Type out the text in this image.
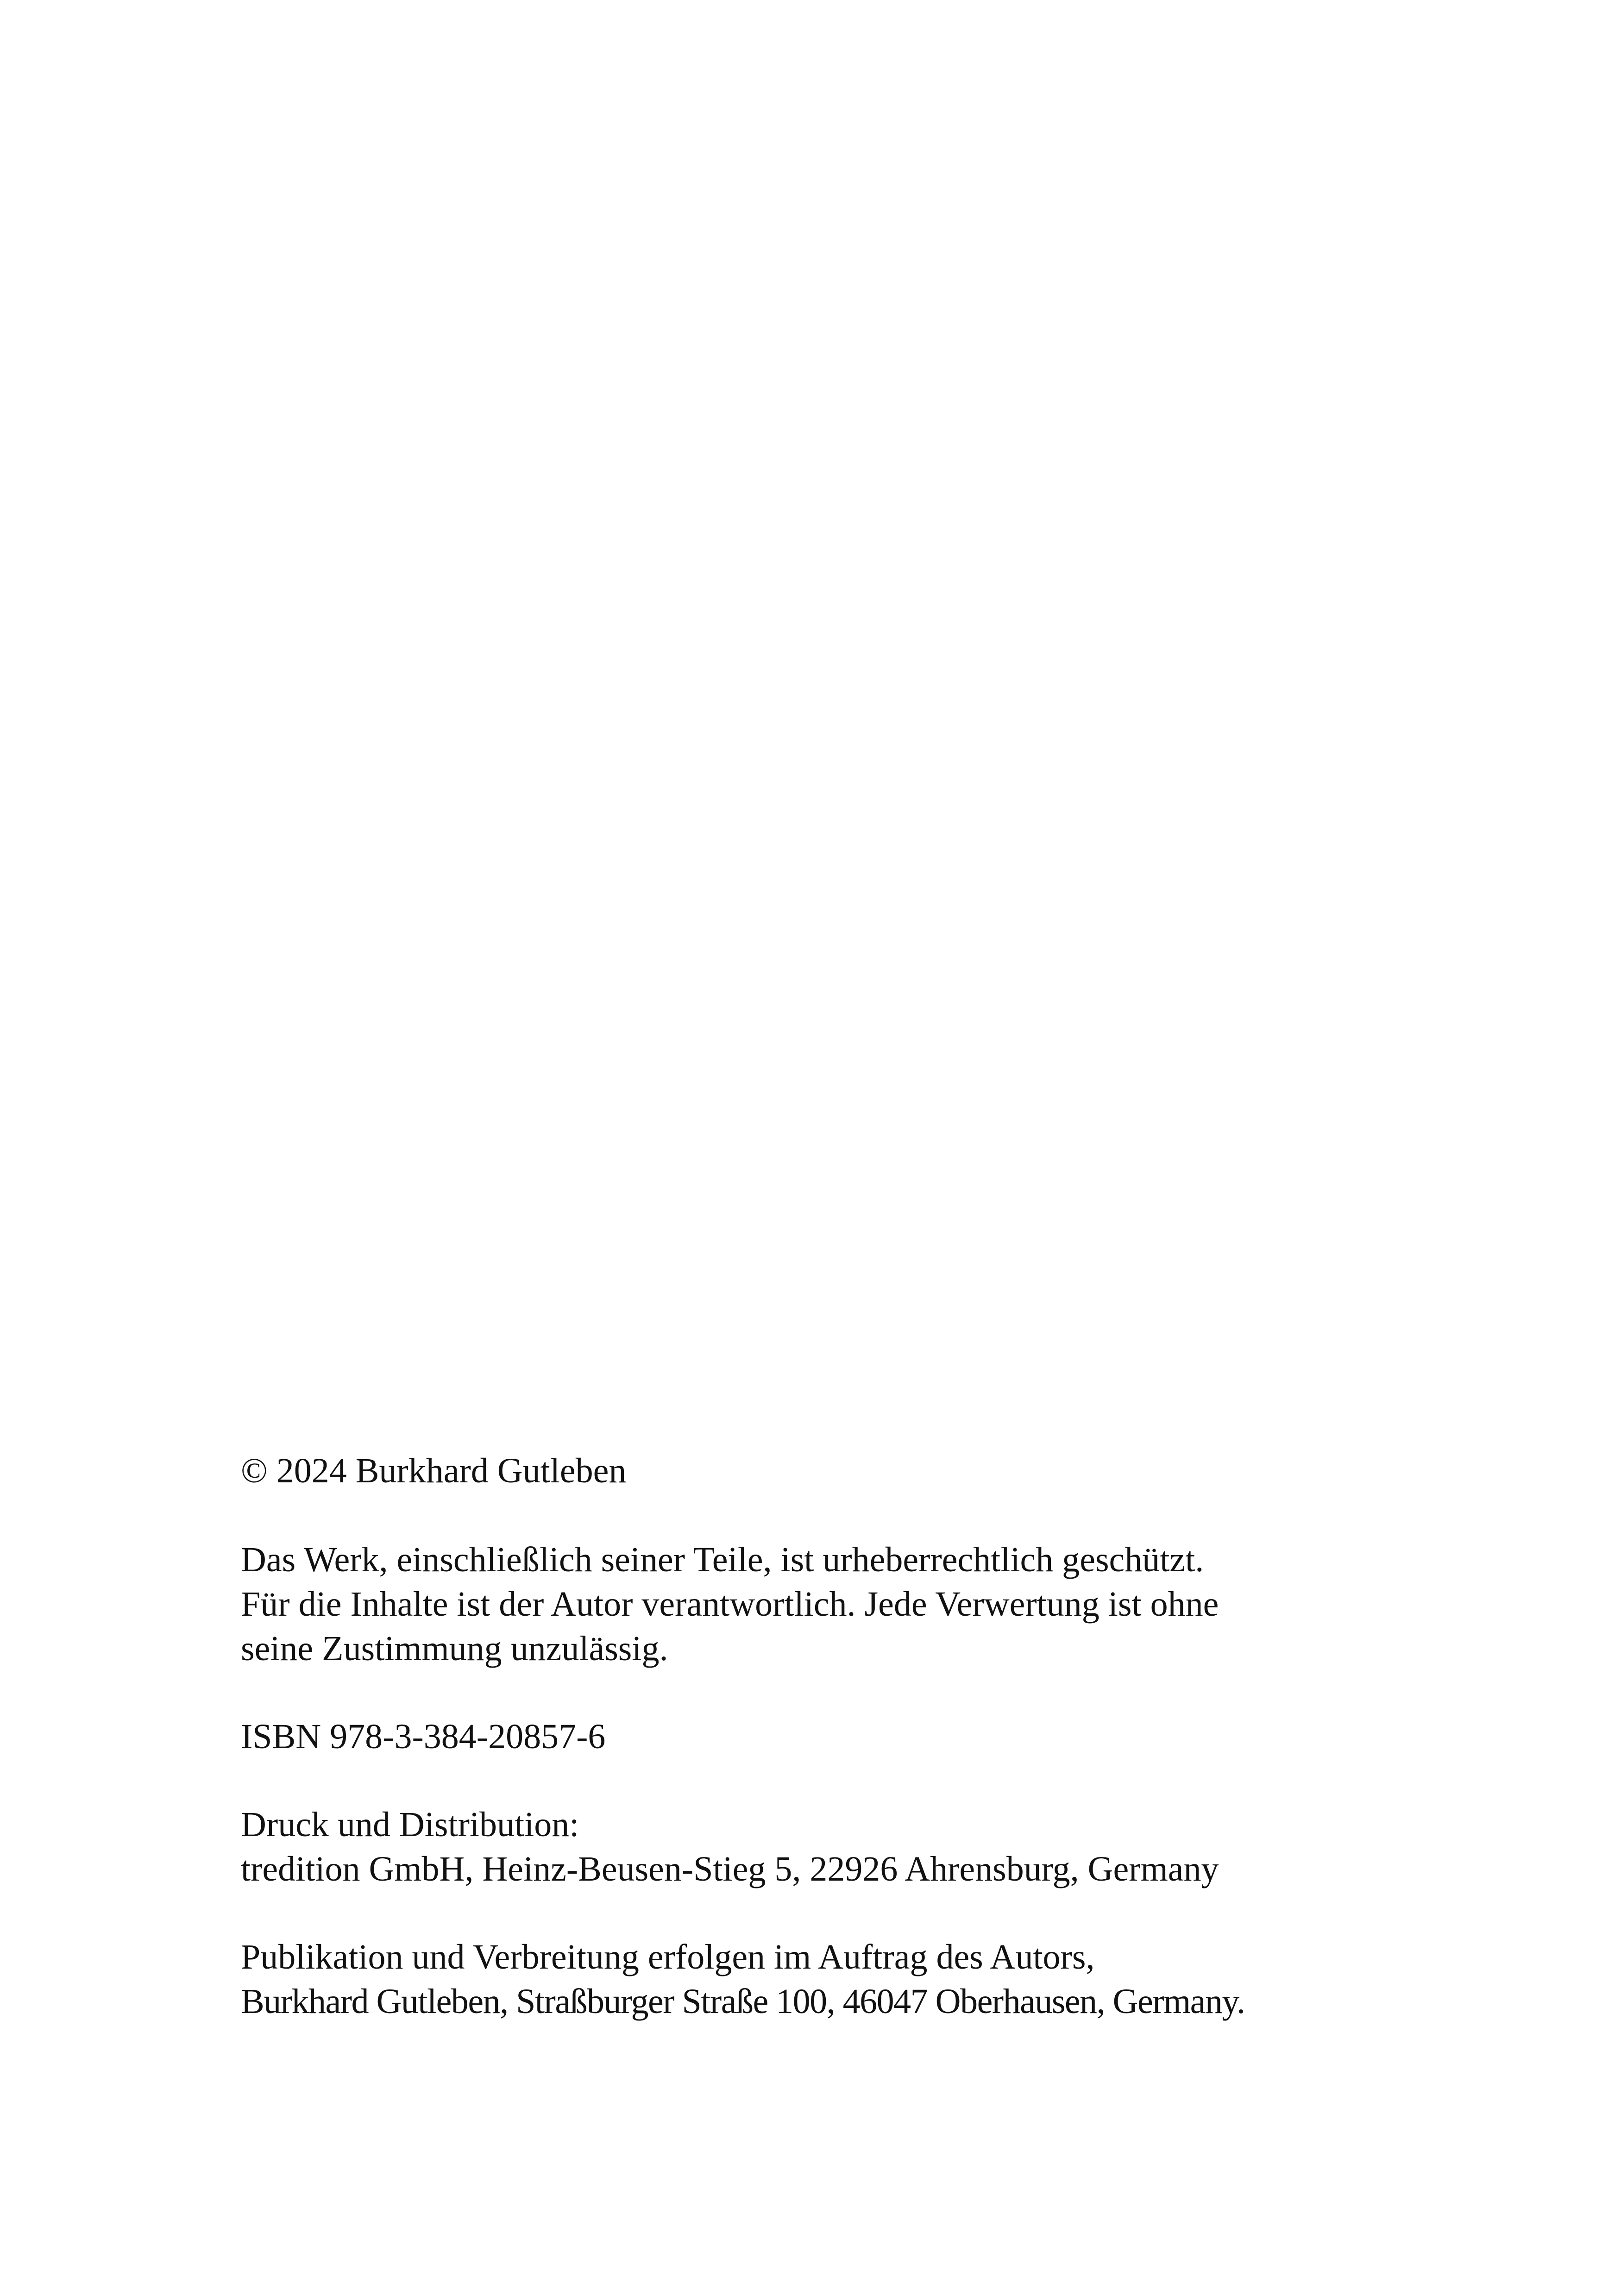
© 2024 Burkhard Gutleben

Das Werk, einschließlich seiner Teile, ist urheberrechtlich geschützt.
Für die Inhalte ist der Autor verantwortlich. Jede Verwertung ist ohne
seine Zustimmung unzulässig.

ISBN 978-3-384-20857-6

Druck und Distribution:
tredition GmbH, Heinz-Beusen-Stieg 5, 22926 Ahrensburg, Germany

Publikation und Verbreitung erfolgen im Auftrag des Autors,
Burkhard Gutleben, Straßburger Straße 100, 46047 Oberhausen, Germany.
